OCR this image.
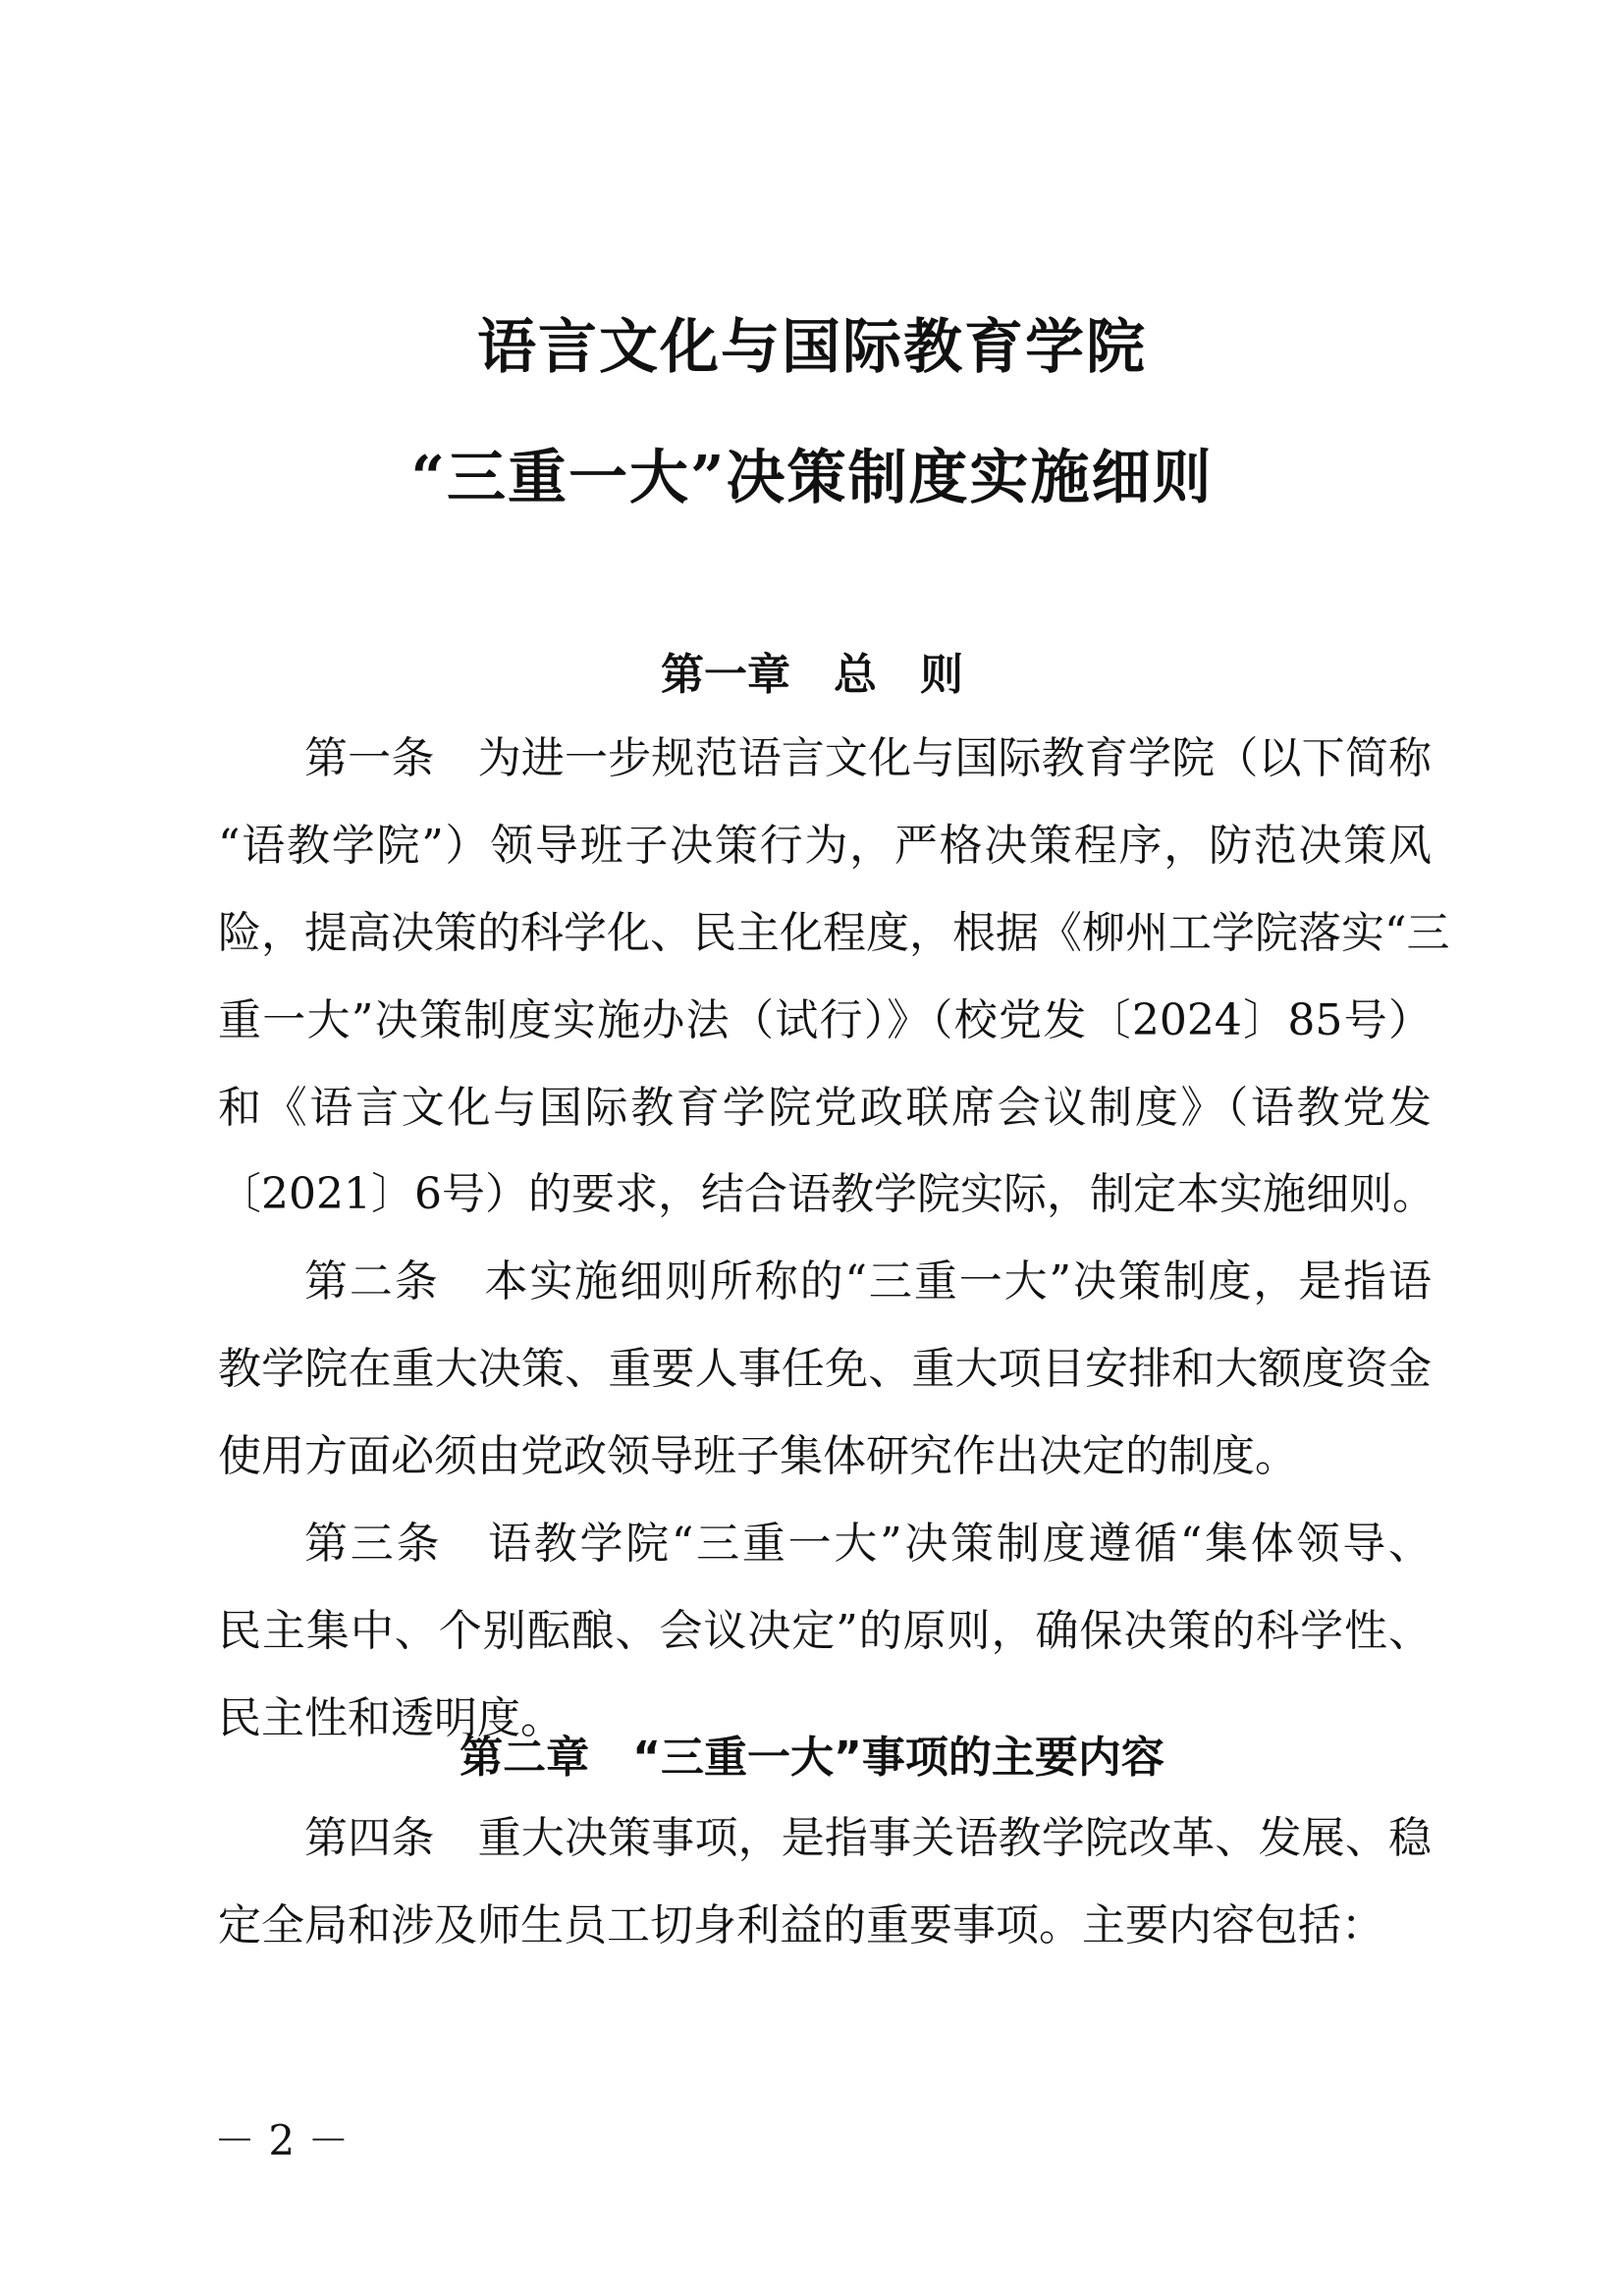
语言文化与国际教育学院
“三重一大”决策制度实施细则
第一章　总　则
第一条　为进一步规范语言文化与国际教育学院（以下简称
“语教学院”）领导班子决策行为，严格决策程序，防范决策风
险，提高决策的科学化、民主化程度，根据《柳州工学院落实“三
重一大”决策制度实施办法（试行）》（校党发〔2024〕85号）
和《语言文化与国际教育学院党政联席会议制度》（语教党发
〔2021〕6号）的要求，结合语教学院实际，制定本实施细则。
第二条　本实施细则所称的“三重一大”决策制度，是指语
教学院在重大决策、重要人事任免、重大项目安排和大额度资金
使用方面必须由党政领导班子集体研究作出决定的制度。
第三条　语教学院“三重一大”决策制度遵循“集体领导、
民主集中、个别酝酿、会议决定”的原则，确保决策的科学性、
民主性和透明度。
第二章　“三重一大”事项的主要内容
第四条　重大决策事项，是指事关语教学院改革、发展、稳
定全局和涉及师生员工切身利益的重要事项。主要内容包括：
－ 2 －
